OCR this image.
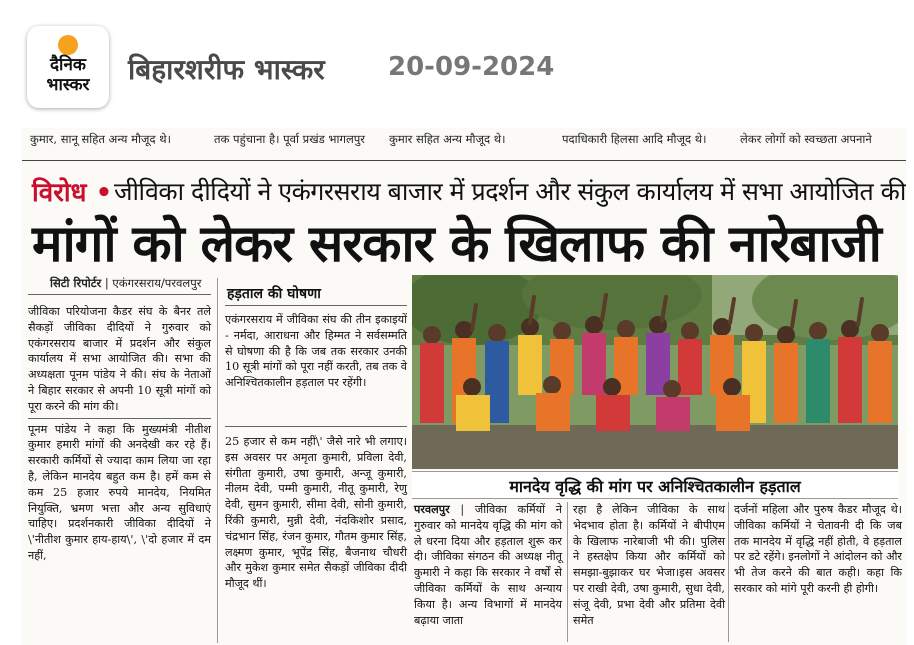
दैनिक
भास्कर	बिहारशरीफ भास्कर 20-09-2024
कुमार, सानू सहित अन्य मौजूद थे।	तक पहुंचाना है। पूर्वा प्रखंड भागलपुर कुमार सहित अन्य मौजूद थे।	पदाधिकारी हिलसा आदि मौजूद थे।	लेकर लोगों को स्वच्छता अपनाने
विरोध • जीविका दीदियों ने एकंगरसराय बाजार में प्रदर्शन और संकुल कार्यालय में सभा आयोजित की
मांगों को लेकर सरकार के खिलाफ की नारेबाजी
सिटी रिपोर्टर | एकंगरसराय/परवलपुर

जीविका परियोजना कैडर संघ के बैनर तले सैकड़ों जीविका दीदियों ने गुरुवार को एकंगरसराय बाजार में प्रदर्शन और संकुल कार्यालय में सभा आयोजित की। सभा की अध्यक्षता पूनम पांडेय ने की। संघ के नेताओं ने बिहार सरकार से अपनी 10 सूत्री मांगों को पूरा करने की मांग की।

पूनम पांडेय ने कहा कि मुख्यमंत्री नीतीश कुमार हमारी मांगों की अनदेखी कर रहे हैं। सरकारी कर्मियों से ज्यादा काम लिया जा रहा है, लेकिन मानदेय बहुत कम है। हमें कम से कम 25 हजार रुपये मानदेय, नियमित नियुक्ति, भ्रमण भत्ता और अन्य सुविधाएं चाहिए। प्रदर्शनकारी जीविका दीदियों ने \'नीतीश कुमार हाय-हाय\', \'दो हजार में दम नहीं,

हड़ताल की घोषणा
एकंगरसराय में जीविका संघ की तीन इकाइयों - नर्मदा, आराधना और हिम्मत ने सर्वसम्मति से घोषणा की है कि जब तक सरकार उनकी 10 सूत्री मांगों को पूरा नहीं करती, तब तक वे अनिश्चितकालीन हड़ताल पर रहेंगी।
25 हजार से कम नहीं\' जैसे नारे भी लगाए। इस अवसर पर अमृता कुमारी, प्रविला देवी, संगीता कुमारी, उषा कुमारी, अन्जू कुमारी, नीलम देवी, पम्मी कुमारी, नीतू कुमारी, रेणु देवी, सुमन कुमारी, सीमा देवी, सोनी कुमारी, रिंकी कुमारी, मुन्नी देवी, नंदकिशोर प्रसाद, चंद्रभान सिंह, रंजन कुमार, गौतम कुमार सिंह, लक्ष्मण कुमार, भूपेंद्र सिंह, बैजनाथ चौधरी और मुकेश कुमार समेत सैकड़ों जीविका दीदी मौजूद थीं।
मानदेय वृद्धि की मांग पर अनिश्चितकालीन हड़ताल
परवलपुर | जीविका कर्मियों ने गुरुवार को मानदेय वृद्धि की मांग को ले धरना दिया और हड़ताल शुरू कर दी। जीविका संगठन की अध्यक्ष नीतू कुमारी ने कहा कि सरकार ने वर्षों से जीविका कर्मियों के साथ अन्याय किया है। अन्य विभागों में मानदेय बढ़ाया जाता
रहा है लेकिन जीविका के साथ भेदभाव होता है। कर्मियों ने बीपीएम के खिलाफ नारेबाजी भी की। पुलिस ने हस्तक्षेप किया और कर्मियों को समझा-बुझाकर घर भेजा।इस अवसर पर राखी देवी, उषा कुमारी, सुधा देवी, संजू देवी, प्रभा देवी और प्रतिमा देवी समेत
दर्जनों महिला और पुरुष कैडर मौजूद थे। जीविका कर्मियों ने चेतावनी दी कि जब तक मानदेय में वृद्धि नहीं होती, वे हड़ताल पर डटे रहेंगे। इनलोगों ने आंदोलन को और भी तेज करने की बात कही। कहा कि सरकार को मांगे पूरी करनी ही होगी।
